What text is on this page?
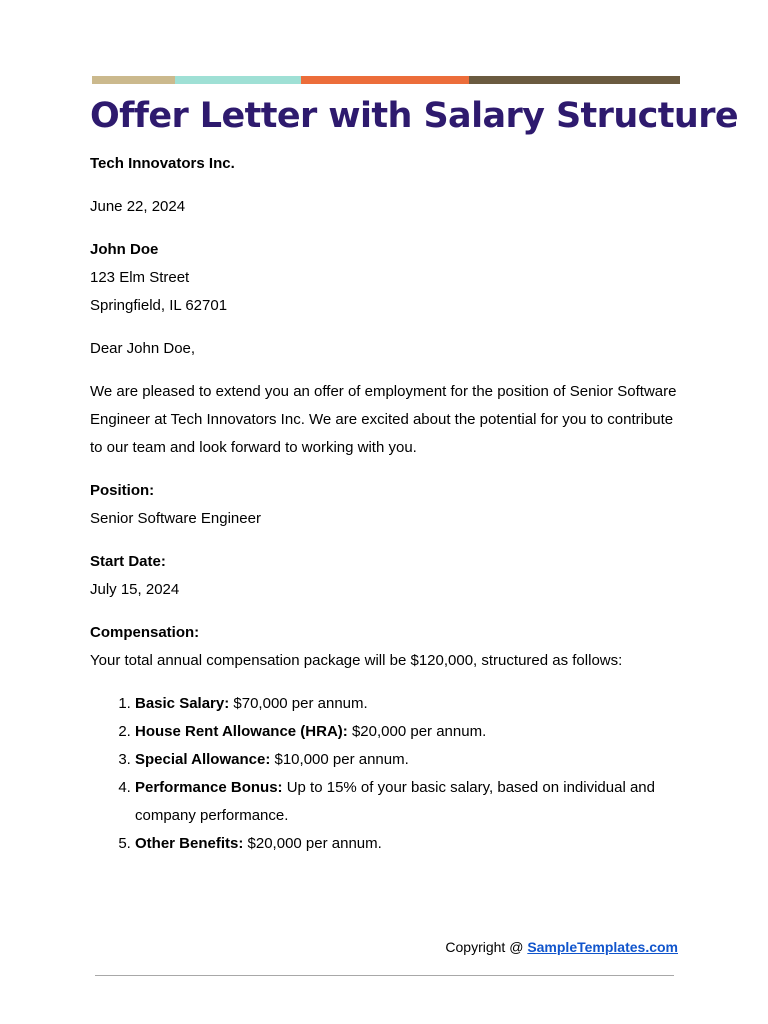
Offer Letter with Salary Structure

Tech Innovators Inc.

June 22, 2024

John Doe

123 Elm Street

Springfield, IL 62701

Dear John Doe,

We are pleased to extend you an offer of employment for the position of Senior Software Engineer at Tech Innovators Inc. We are excited about the potential for you to contribute to our team and look forward to working with you.

Position:

Senior Software Engineer

Start Date:

July 15, 2024

Compensation:

Your total annual compensation package will be $120,000, structured as follows:

1. Basic Salary: $70,000 per annum.
2. House Rent Allowance (HRA): $20,000 per annum.
3. Special Allowance: $10,000 per annum.
4. Performance Bonus: Up to 15% of your basic salary, based on individual and company performance.
5. Other Benefits: $20,000 per annum.
Copyright @ SampleTemplates.com
